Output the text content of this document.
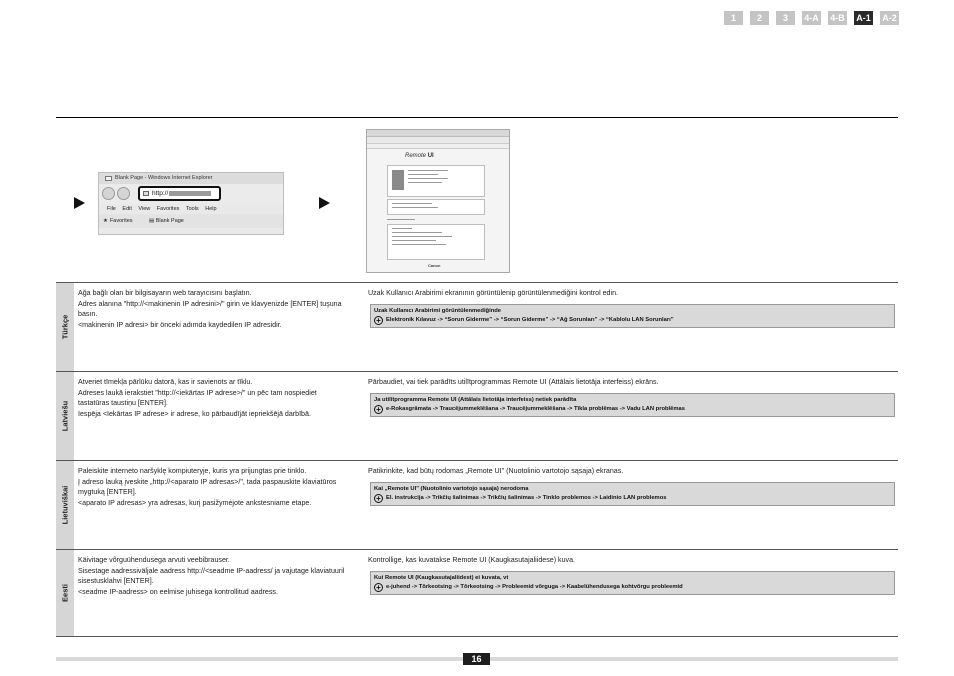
1	2	3	4-A 4-B A-1 A-2
Blank Page - Windows Internet Explorer
http://
File Edit View Favorites Tools Help
★ Favorites	▤ Blank Page
Remote UI
Canon
Türkçe

Ağa bağlı olan bir bilgisayarın web tarayıcısını başlatın.

Adres alanına "http://<makinenin IP adresini>/" girin ve klavyenizde [ENTER] tuşuna basın.

<makinenin IP adresi> bir önceki adımda kaydedilen IP adresidir.

Uzak Kullanıcı Arabirimi ekranının görüntülenip görüntülenmediğini kontrol edin.

Uzak Kullanıcı Arabirimi görüntülenmediğinde
+ Elektronik Kılavuz -> “Sorun Giderme” -> “Sorun Giderme” -> “Ağ Sorunları” -> “Kablolu LAN Sorunları”
Latviešu

Atveriet tīmekļa pārlūku datorā, kas ir savienots ar tīklu.

Adreses laukā ierakstiet "http://<iekārtas IP adrese>/" un pēc tam nospiediet tastatūras taustiņu [ENTER].

Iespēja <Iekārtas IP adrese> ir adrese, ko pārbaudījāt iepriekšējā darbībā.

Pārbaudiet, vai tiek parādīts utilītprogrammas Remote UI (Attālais lietotāja interfeiss) ekrāns.

Ja utilītprogramma Remote UI (Attālais lietotāja interfeiss) netiek parādīta
+ e-Rokasgrāmata -> Traucējummeklēšana -> Traucējummeklēšana -> Tīkla problēmas -> Vadu LAN problēmas
Lietuviškai

Paleiskite interneto naršyklę kompiuteryje, kuris yra prijungtas prie tinklo.

Į adreso lauką įveskite „http://<aparato IP adresas>/", tada paspauskite klaviatūros mygtuką [ENTER].

<aparato IP adresas> yra adresas, kurį pasižymėjote ankstesniame etape.

Patikrinkite, kad būtų rodomas „Remote UI" (Nuotolinio vartotojo sąsaja) ekranas.

Kai „Remote UI" (Nuotolinio vartotojo sąsaja) nerodoma
+ El. instrukcija -> Trikčių šalinimas -> Trikčių šalinimas -> Tinklo problemos -> Laidinio LAN problemos
Eesti

Käivitage võrguühendusega arvuti veebibrauser.

Sisestage aadressiväljale aadress http://<seadme IP-aadress/ ja vajutage klaviatuuril sisestusklahvi [ENTER].

<seadme IP-aadress> on eelmise juhisega kontrollitud aadress.

Kontrollige, kas kuvatakse Remote UI (Kaugkasutajaliidese) kuva.

Kui Remote UI (Kaugkasutajaliidest) ei kuvata, vt
+ e-juhend -> Tõrkeotsing -> Tõrkeotsing -> Probleemid võrguga -> Kaabelühendusega kohtvõrgu probleemid
16
